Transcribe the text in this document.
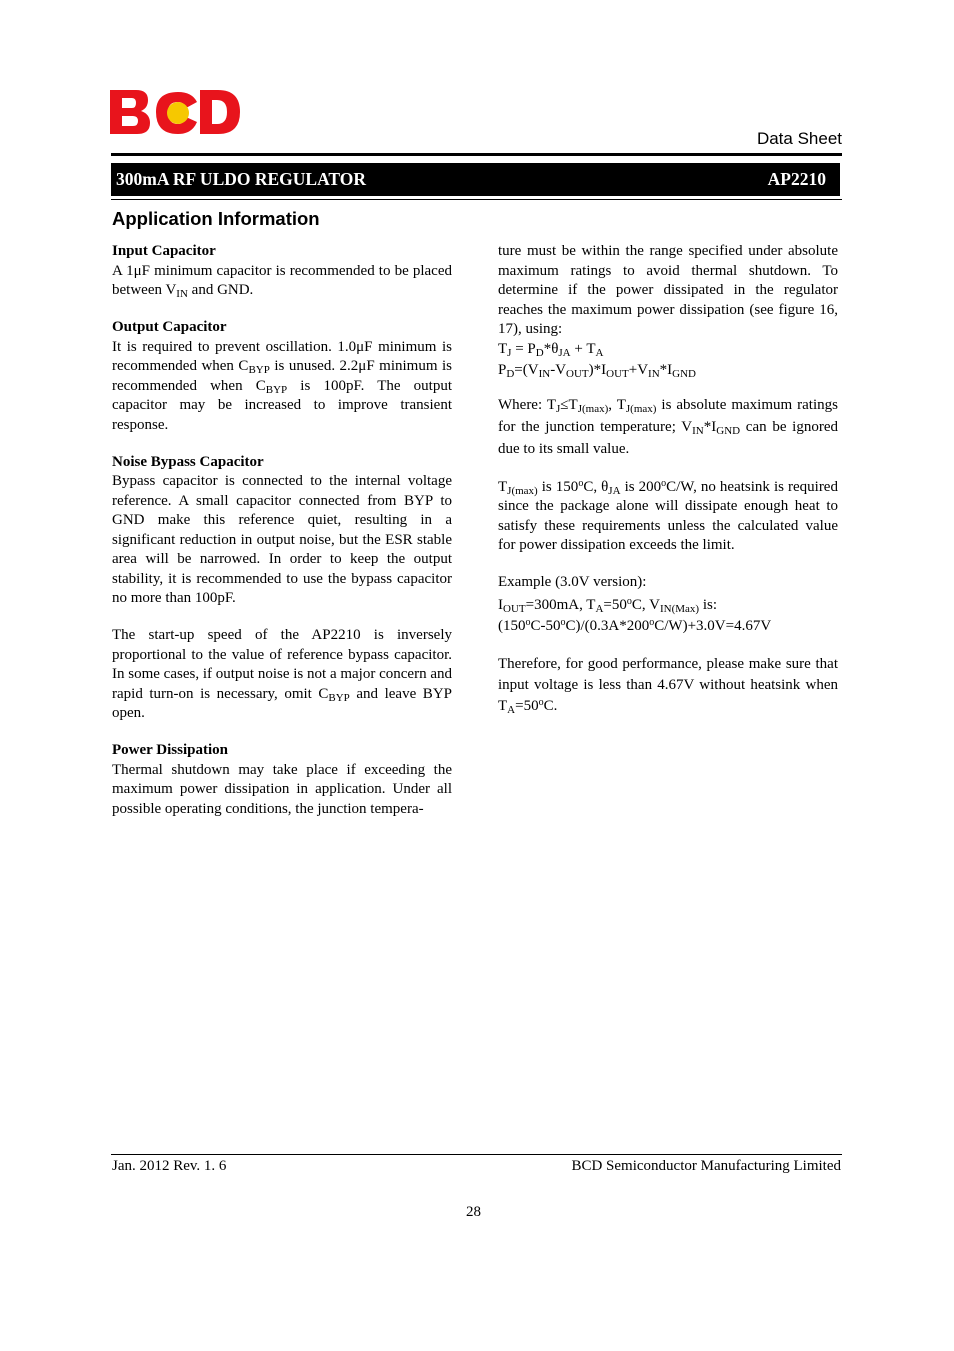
Data Sheet
300mA RF ULDO REGULATOR	AP2210
Application Information
Input Capacitor
A 1μF minimum capacitor is recommended to be placed between $V_{IN}$ and GND.
Output Capacitor
It is required to prevent oscillation. 1.0μF minimum is recommended when $C_{BYP}$ is unused. 2.2μF minimum is recommended when $C_{BYP}$ is 100pF. The output capacitor may be increased to improve transient response.
Noise Bypass Capacitor
Bypass capacitor is connected to the internal voltage reference. A small capacitor connected from BYP to GND make this reference quiet, resulting in a significant reduction in output noise, but the ESR stable area will be narrowed. In order to keep the output stability, it is recommended to use the bypass capacitor no more than 100pF.
The start-up speed of the AP2210 is inversely proportional to the value of reference bypass capacitor. In some cases, if output noise is not a major concern and rapid turn-on is necessary, omit $C_{BYP}$ and leave BYP open.
Power Dissipation
Thermal shutdown may take place if exceeding the maximum power dissipation in application. Under all possible operating conditions, the junction tempera-
ture must be within the range specified under absolute maximum ratings to avoid thermal shutdown. To determine if the power dissipated in the regulator reaches the maximum power dissipation (see figure 16, 17), using:
$T_J = P_D*\theta_{JA} + T_A$
$P_D=(V_{IN}-V_{OUT})*I_{OUT}+V_{IN}*I_{GND}$
Where: $T_J\le T_{J(max)}$, $T_{J(max)}$ is absolute maximum ratings for the junction temperature; $V_{IN}*I_{GND}$ can be ignored due to its small value.
$T_{J(max)}$ is 150$^o$C, $\theta_{JA}$ is 200$^o$C/W, no heatsink is required since the package alone will dissipate enough heat to satisfy these requirements unless the calculated value for power dissipation exceeds the limit.
Example (3.0V version):
$I_{OUT}=300mA$, $T_A=50^oC$, $V_{IN(Max)}$ is:
$(150^oC-50^oC)/(0.3A*200^oC/W)+3.0V=4.67V$
Therefore, for good performance, please make sure that input voltage is less than 4.67V without heatsink when $T_A=50^oC$.
Jan. 2012 Rev. 1. 6	BCD Semiconductor Manufacturing Limited
28
